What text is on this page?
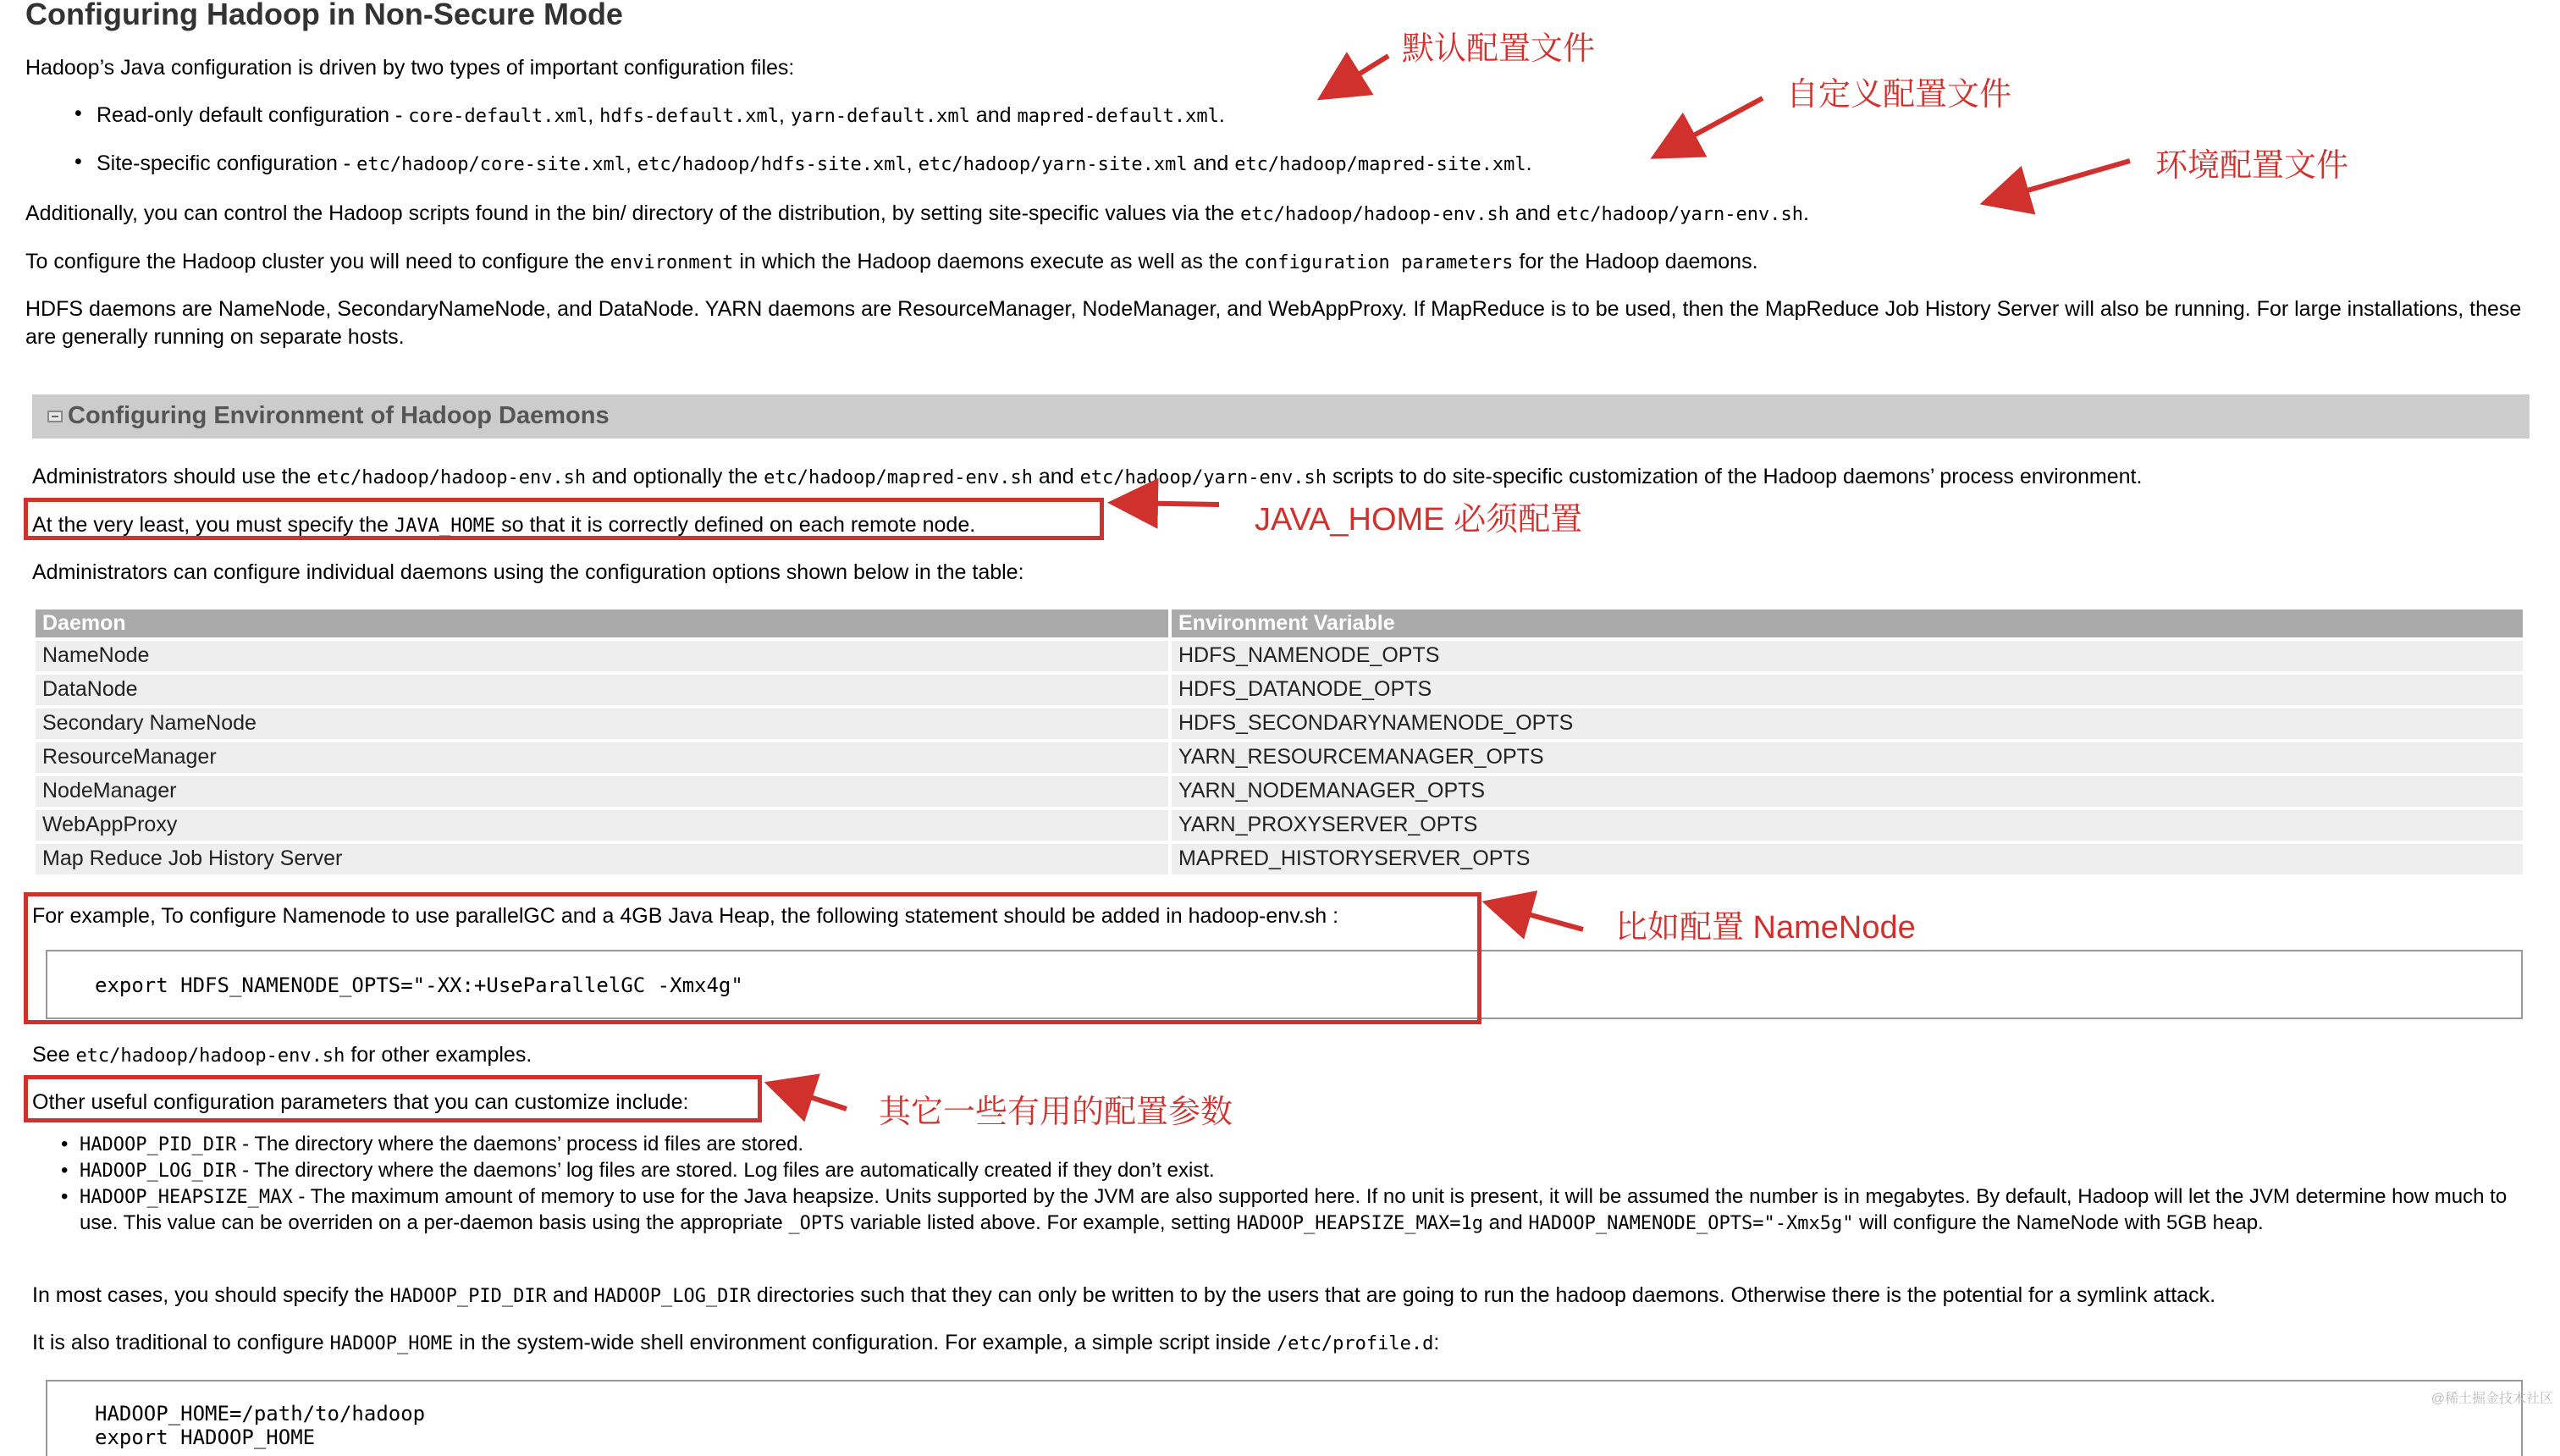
Configuring Hadoop in Non-Secure Mode

Hadoop’s Java configuration is driven by two types of important configuration files:

• Read-only default configuration - core-default.xml, hdfs-default.xml, yarn-default.xml and mapred-default.xml.
• Site-specific configuration - etc/hadoop/core-site.xml, etc/hadoop/hdfs-site.xml, etc/hadoop/yarn-site.xml and etc/hadoop/mapred-site.xml.

Additionally, you can control the Hadoop scripts found in the bin/ directory of the distribution, by setting site-specific values via the etc/hadoop/hadoop-env.sh and etc/hadoop/yarn-env.sh.

To configure the Hadoop cluster you will need to configure the environment in which the Hadoop daemons execute as well as the configuration parameters for the Hadoop daemons.

HDFS daemons are NameNode, SecondaryNameNode, and DataNode. YARN daemons are ResourceManager, NodeManager, and WebAppProxy. If MapReduce is to be used, then the MapReduce Job History Server will also be running. For large installations, these are generally running on separate hosts.

Configuring Environment of Hadoop Daemons

Administrators should use the etc/hadoop/hadoop-env.sh and optionally the etc/hadoop/mapred-env.sh and etc/hadoop/yarn-env.sh scripts to do site-specific customization of the Hadoop daemons’ process environment.

At the very least, you must specify the JAVA_HOME so that it is correctly defined on each remote node.

Administrators can configure individual daemons using the configuration options shown below in the table:

Daemon	Environment Variable
NameNode	HDFS_NAMENODE_OPTS
DataNode	HDFS_DATANODE_OPTS
Secondary NameNode	HDFS_SECONDARYNAMENODE_OPTS
ResourceManager	YARN_RESOURCEMANAGER_OPTS
NodeManager	YARN_NODEMANAGER_OPTS
WebAppProxy	YARN_PROXYSERVER_OPTS
Map Reduce Job History Server	MAPRED_HISTORYSERVER_OPTS

For example, To configure Namenode to use parallelGC and a 4GB Java Heap, the following statement should be added in hadoop-env.sh :

export HDFS_NAMENODE_OPTS="-XX:+UseParallelGC -Xmx4g"

See etc/hadoop/hadoop-env.sh for other examples.

Other useful configuration parameters that you can customize include:

• HADOOP_PID_DIR - The directory where the daemons’ process id files are stored.
• HADOOP_LOG_DIR - The directory where the daemons’ log files are stored. Log files are automatically created if they don’t exist.
• HADOOP_HEAPSIZE_MAX - The maximum amount of memory to use for the Java heapsize. Units supported by the JVM are also supported here. If no unit is present, it will be assumed the number is in megabytes. By default, Hadoop will let the JVM determine how much to use. This value can be overriden on a per-daemon basis using the appropriate _OPTS variable listed above. For example, setting HADOOP_HEAPSIZE_MAX=1g and HADOOP_NAMENODE_OPTS="-Xmx5g" will configure the NameNode with 5GB heap.

In most cases, you should specify the HADOOP_PID_DIR and HADOOP_LOG_DIR directories such that they can only be written to by the users that are going to run the hadoop daemons. Otherwise there is the potential for a symlink attack.

It is also traditional to configure HADOOP_HOME in the system-wide shell environment configuration. For example, a simple script inside /etc/profile.d:

HADOOP_HOME=/path/to/hadoop
export HADOOP_HOME
默认配置文件
自定义配置文件
环境配置文件
JAVA_HOME 必须配置
比如配置 NameNode
其它一些有用的配置参数
@稀土掘金技术社区
